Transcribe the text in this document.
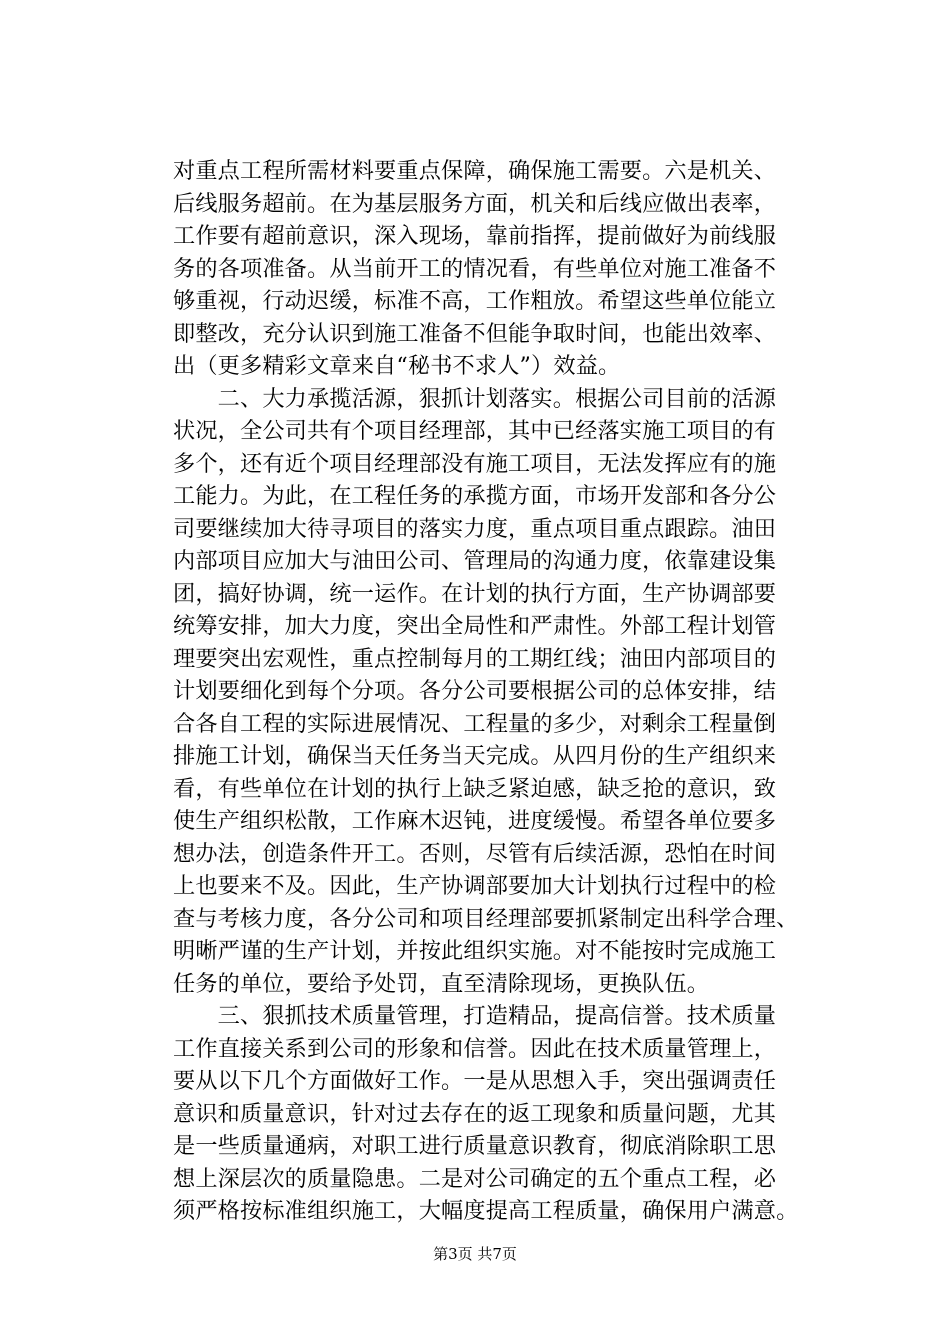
对重点工程所需材料要重点保障，确保施工需要。六是机关、
后线服务超前。在为基层服务方面，机关和后线应做出表率，
工作要有超前意识，深入现场，靠前指挥，提前做好为前线服
务的各项准备。从当前开工的情况看，有些单位对施工准备不
够重视，行动迟缓，标准不高，工作粗放。希望这些单位能立
即整改，充分认识到施工准备不但能争取时间，也能出效率、
出（更多精彩文章来自“秘书不求人”）效益。
　　二、大力承揽活源，狠抓计划落实。根据公司目前的活源
状况，全公司共有个项目经理部，其中已经落实施工项目的有
多个，还有近个项目经理部没有施工项目，无法发挥应有的施
工能力。为此，在工程任务的承揽方面，市场开发部和各分公
司要继续加大待寻项目的落实力度，重点项目重点跟踪。油田
内部项目应加大与油田公司、管理局的沟通力度，依靠建设集
团，搞好协调，统一运作。在计划的执行方面，生产协调部要
统筹安排，加大力度，突出全局性和严肃性。外部工程计划管
理要突出宏观性，重点控制每月的工期红线；油田内部项目的
计划要细化到每个分项。各分公司要根据公司的总体安排，结
合各自工程的实际进展情况、工程量的多少，对剩余工程量倒
排施工计划，确保当天任务当天完成。从四月份的生产组织来
看，有些单位在计划的执行上缺乏紧迫感，缺乏抢的意识，致
使生产组织松散，工作麻木迟钝，进度缓慢。希望各单位要多
想办法，创造条件开工。否则，尽管有后续活源，恐怕在时间
上也要来不及。因此，生产协调部要加大计划执行过程中的检
查与考核力度，各分公司和项目经理部要抓紧制定出科学合理、
明晰严谨的生产计划，并按此组织实施。对不能按时完成施工
任务的单位，要给予处罚，直至清除现场，更换队伍。
　　三、狠抓技术质量管理，打造精品，提高信誉。技术质量
工作直接关系到公司的形象和信誉。因此在技术质量管理上，
要从以下几个方面做好工作。一是从思想入手，突出强调责任
意识和质量意识，针对过去存在的返工现象和质量问题，尤其
是一些质量通病，对职工进行质量意识教育，彻底消除职工思
想上深层次的质量隐患。二是对公司确定的五个重点工程，必
须严格按标准组织施工，大幅度提高工程质量，确保用户满意。
第3页 共7页
